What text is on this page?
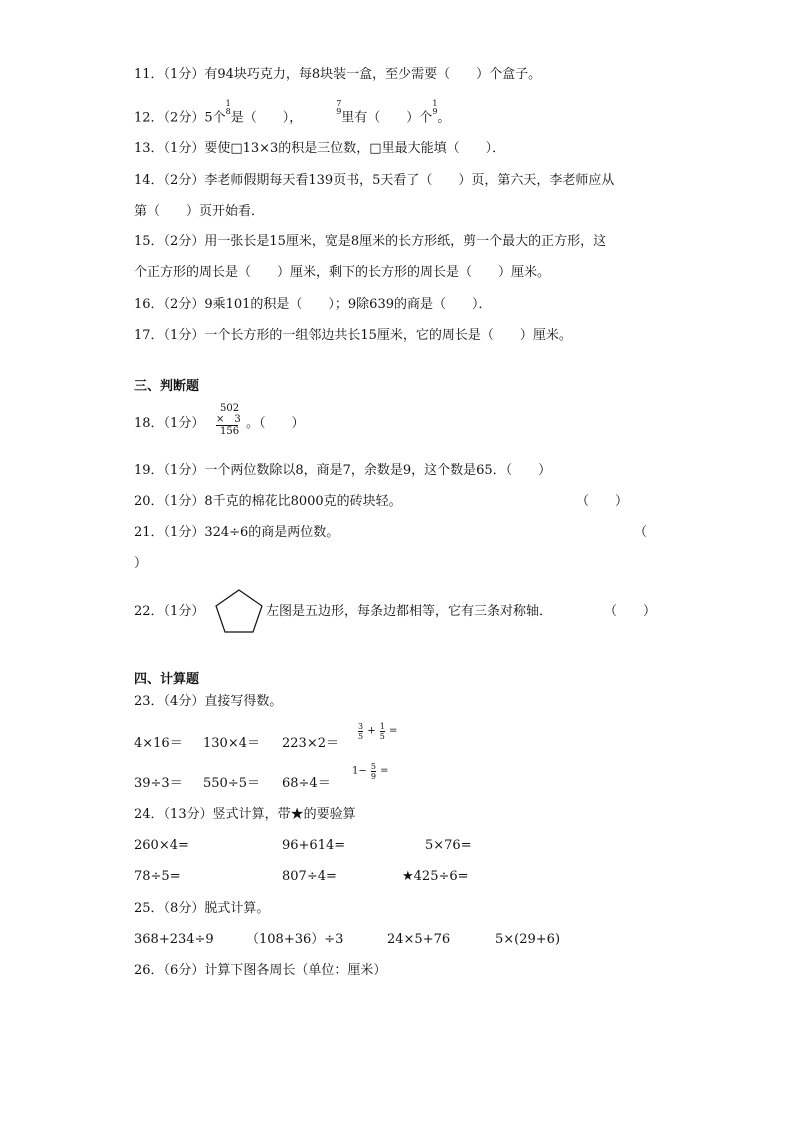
11．（1分）有94块巧克力，每8块装一盒，至少需要（　　）个盒子。
12．（2分）5个
1
8 是（　　），
7
9 里有（　　）个
1
9 。
13．（1分）要使□13×3的积是三位数，□里最大能填（　　）．
14．（2分）李老师假期每天看139页书，5天看了（　　）页，第六天，李老师应从
第（　　）页开始看．
15．（2分）用一张长是15厘米，宽是8厘米的长方形纸，剪一个最大的正方形，这
个正方形的周长是（　　）厘米，剩下的长方形的周长是（　　）厘米。
16．（2分）9乘101的积是（　　）；9除639的商是（　　）．
17．（1分）一个长方形的一组邻边共长15厘米，它的周长是（　　）厘米。
三、判断题
18．（1分）
502
×　3
156
。（　　）
19．（1分）一个两位数除以8，商是7，余数是9，这个数是65．（　　）
20．（1分）8千克的棉花比8000克的砖块轻。	（　　）
21．（1分）324÷6的商是两位数。	（
）
22．（1分）	左图是五边形，每条边都相等，它有三条对称轴．	（　　）
四、计算题
23．（4分）直接写得数。
4×16＝ 130×4＝ 223×2＝
$\frac{3}{5} + \frac{1}{5}$ =
39÷3＝ 550÷5＝ 68÷4＝
$1- \frac{5}{9}$ =
24．（13分）竖式计算，带★的要验算
260×4=	96+614=	5×76=
78÷5=	807÷4=	★425÷6=
25．（8分）脱式计算。
368+234÷9 （108+36）÷3	24×5+76	5×(29+6)
26．（6分）计算下图各周长（单位：厘米）
